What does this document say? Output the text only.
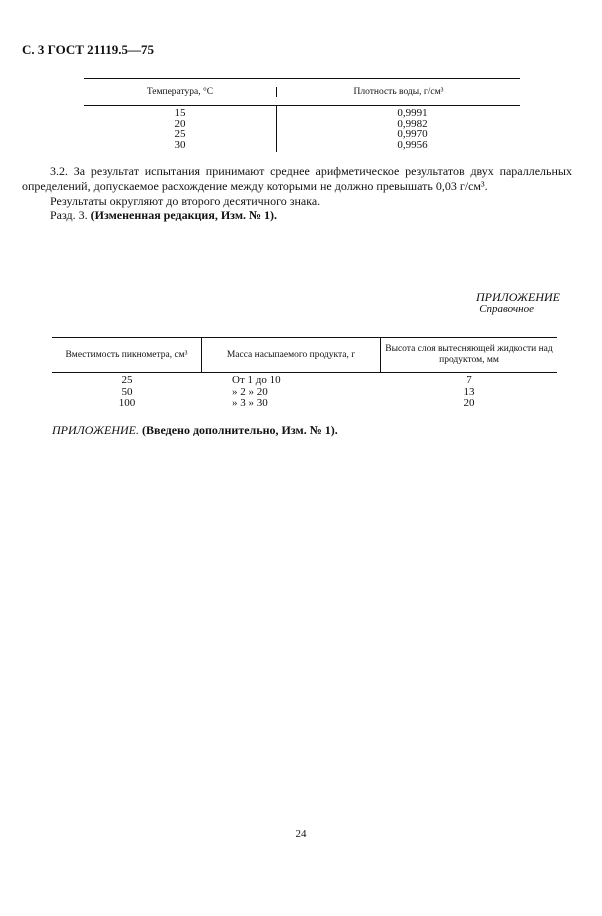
С. 3 ГОСТ 21119.5—75
Температура, °С	Плотность воды, г/см³
15
20
25
30
0,9991
0,9982
0,9970
0,9956
3.2. За результат испытания принимают среднее арифметическое результатов двух параллельных определений, допускаемое расхождение между которыми не должно превышать 0,03 г/см³.
Результаты округляют до второго десятичного знака.
Разд. 3. (Измененная редакция, Изм. № 1).
ПРИЛОЖЕНИЕ
Справочное
Вместимость пикнометра, см³	Масса насыпаемого продукта, г
Высота слоя вытесняющей жидкости над продуктом, мм
25
50
100
От 1 до 10
» 2 » 20
» 3 » 30
7
13
20
ПРИЛОЖЕНИЕ. (Введено дополнительно, Изм. № 1).
24
